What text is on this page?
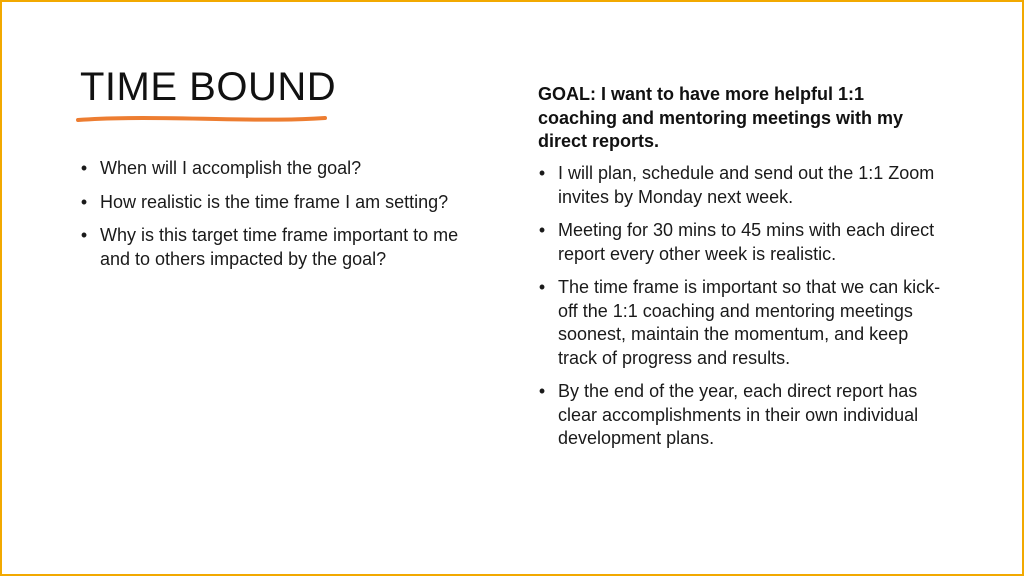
TIME BOUND
• When will I accomplish the goal?
• How realistic is the time frame I am setting?
• Why is this target time frame important to me and to others impacted by the goal?
GOAL: I want to have more helpful 1:1 coaching and mentoring meetings with my direct reports.
• I will plan, schedule and send out the 1:1 Zoom invites by Monday next week.
• Meeting for 30 mins to 45 mins with each direct report every other week is realistic.
• The time frame is important so that we can kick-off the 1:1 coaching and mentoring meetings soonest, maintain the momentum, and keep track of progress and results.
• By the end of the year, each direct report has clear accomplishments in their own individual development plans.
